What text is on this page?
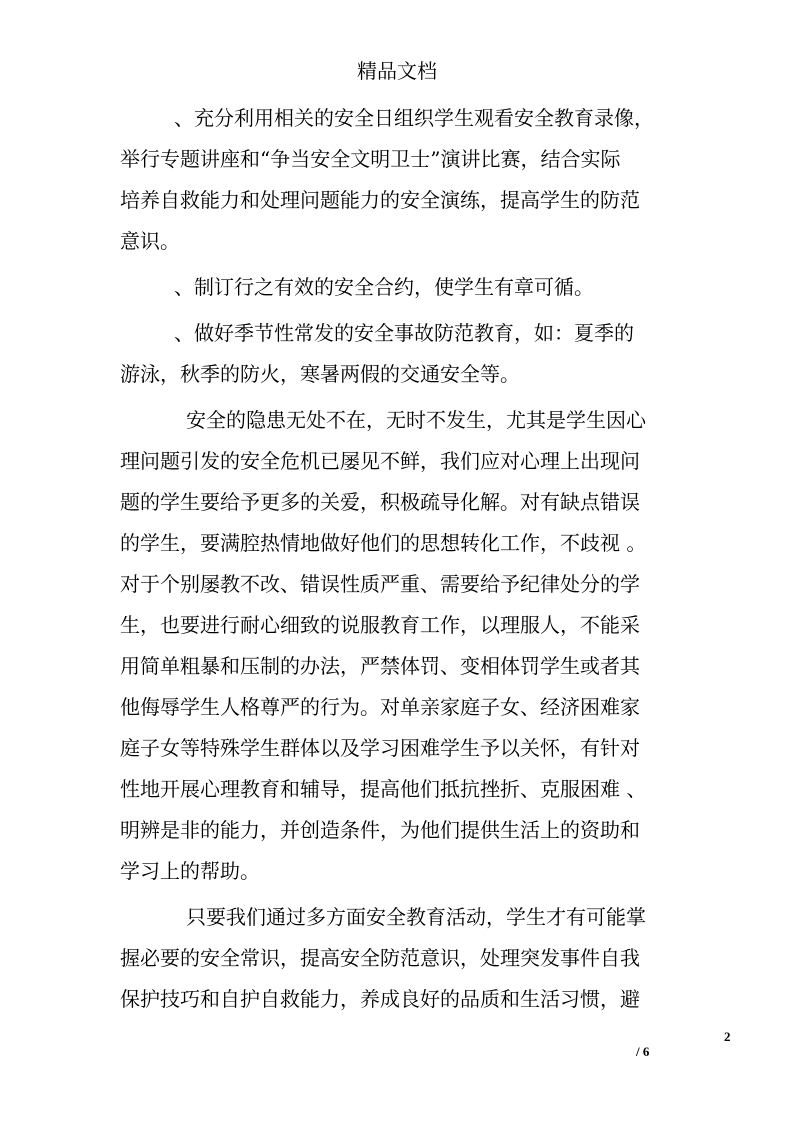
精品文档
、充分利用相关的安全日组织学生观看安全教育录像，
举行专题讲座和“争当安全文明卫士”演讲比赛，结合实际
培养自救能力和处理问题能力的安全演练，提高学生的防范
意识。
、制订行之有效的安全合约，使学生有章可循。
、做好季节性常发的安全事故防范教育，如：夏季的
游泳，秋季的防火，寒暑两假的交通安全等。
安全的隐患无处不在，无时不发生，尤其是学生因心
理问题引发的安全危机已屡见不鲜，我们应对心理上出现问
题的学生要给予更多的关爱，积极疏导化解。对有缺点错误
的学生，要满腔热情地做好他们的思想转化工作，不歧视 。
对于个别屡教不改、错误性质严重、需要给予纪律处分的学
生，也要进行耐心细致的说服教育工作，以理服人，不能采
用简单粗暴和压制的办法，严禁体罚、变相体罚学生或者其
他侮辱学生人格尊严的行为。对单亲家庭子女、经济困难家
庭子女等特殊学生群体以及学习困难学生予以关怀，有针对
性地开展心理教育和辅导，提高他们抵抗挫折、克服困难 、
明辨是非的能力，并创造条件，为他们提供生活上的资助和
学习上的帮助。
只要我们通过多方面安全教育活动，学生才有可能掌
握必要的安全常识，提高安全防范意识，处理突发事件自我
保护技巧和自护自救能力，养成良好的品质和生活习惯，避
2
/ 6
